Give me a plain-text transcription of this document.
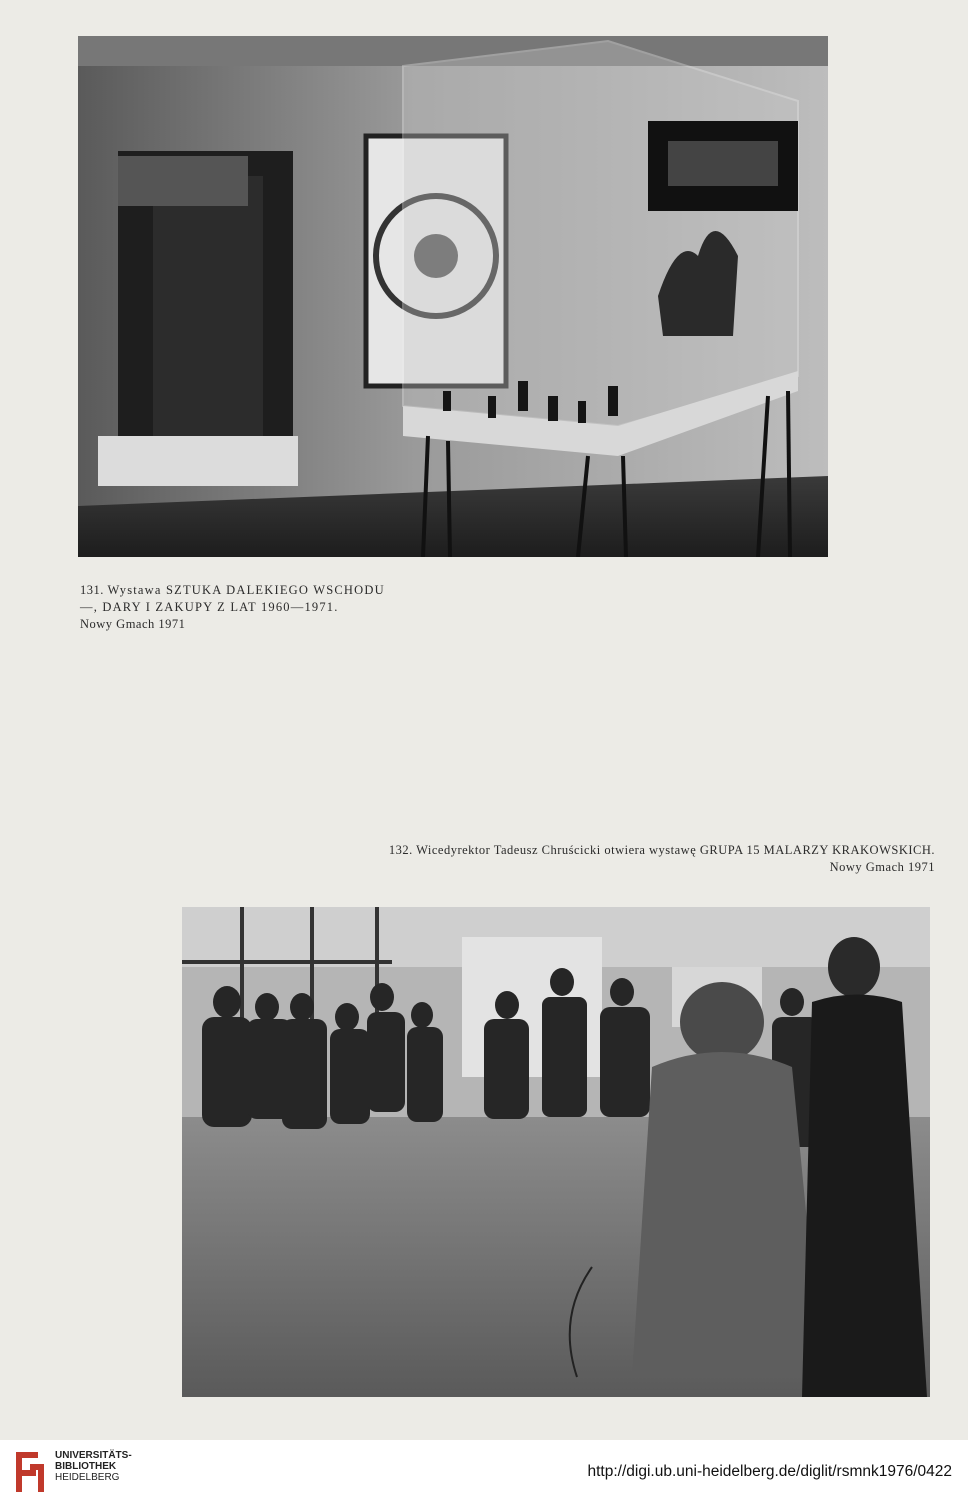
131. Wystawa SZTUKA DALEKIEGO WSCHODU
—, DARY I ZAKUPY Z LAT 1960—1971.
Nowy Gmach 1971
132. Wicedyrektor Tadeusz Chruścicki otwiera wystawę GRUPA 15 MALARZY KRAKOWSKICH.
Nowy Gmach 1971
UNIVERSITÄTS-
BIBLIOTHEK
HEIDELBERG	http://digi.ub.uni-heidelberg.de/diglit/rsmnk1976/0422
